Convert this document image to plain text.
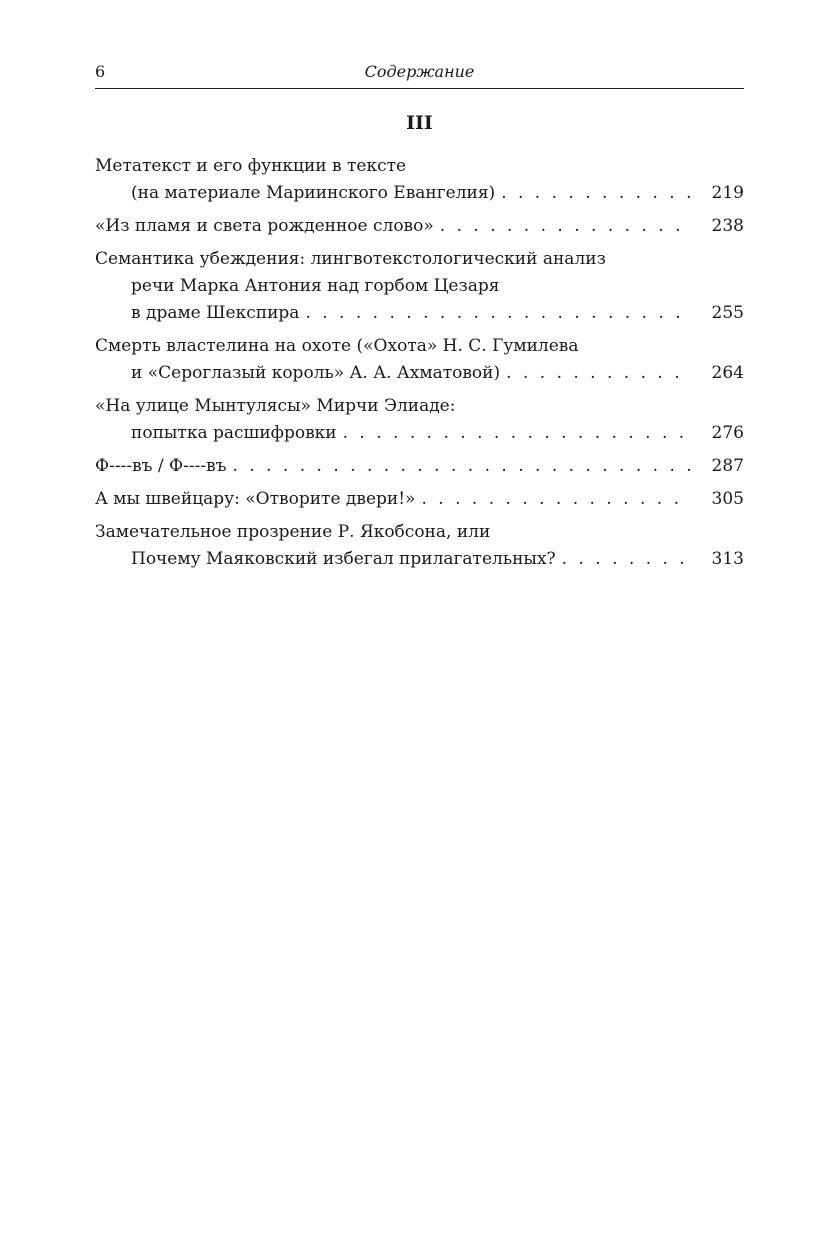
6	Содержание
III
Метатекст и его функции в тексте
(на материале Мариинского Евангелия) . . .	219
«Из пламя и света рожденное слово» . . .	238
Семантика убеждения: лингвотекстологический анализ
речи Марка Антония над горбом Цезаря
в драме Шекспира . . .	255
Смерть властелина на охоте («Охота» Н. С. Гумилева
и «Сероглазый король» А. А. Ахматовой) . . .	264
«На улице Мынтулясы» Мирчи Элиаде:
попытка расшифровки . . .	276
Ф----въ / Ф----въ . . .	287
А мы швейцару: «Отворите двери!» . . .	305
Замечательное прозрение Р. Якобсона, или
Почему Маяковский избегал прилагательных? . . .	313
